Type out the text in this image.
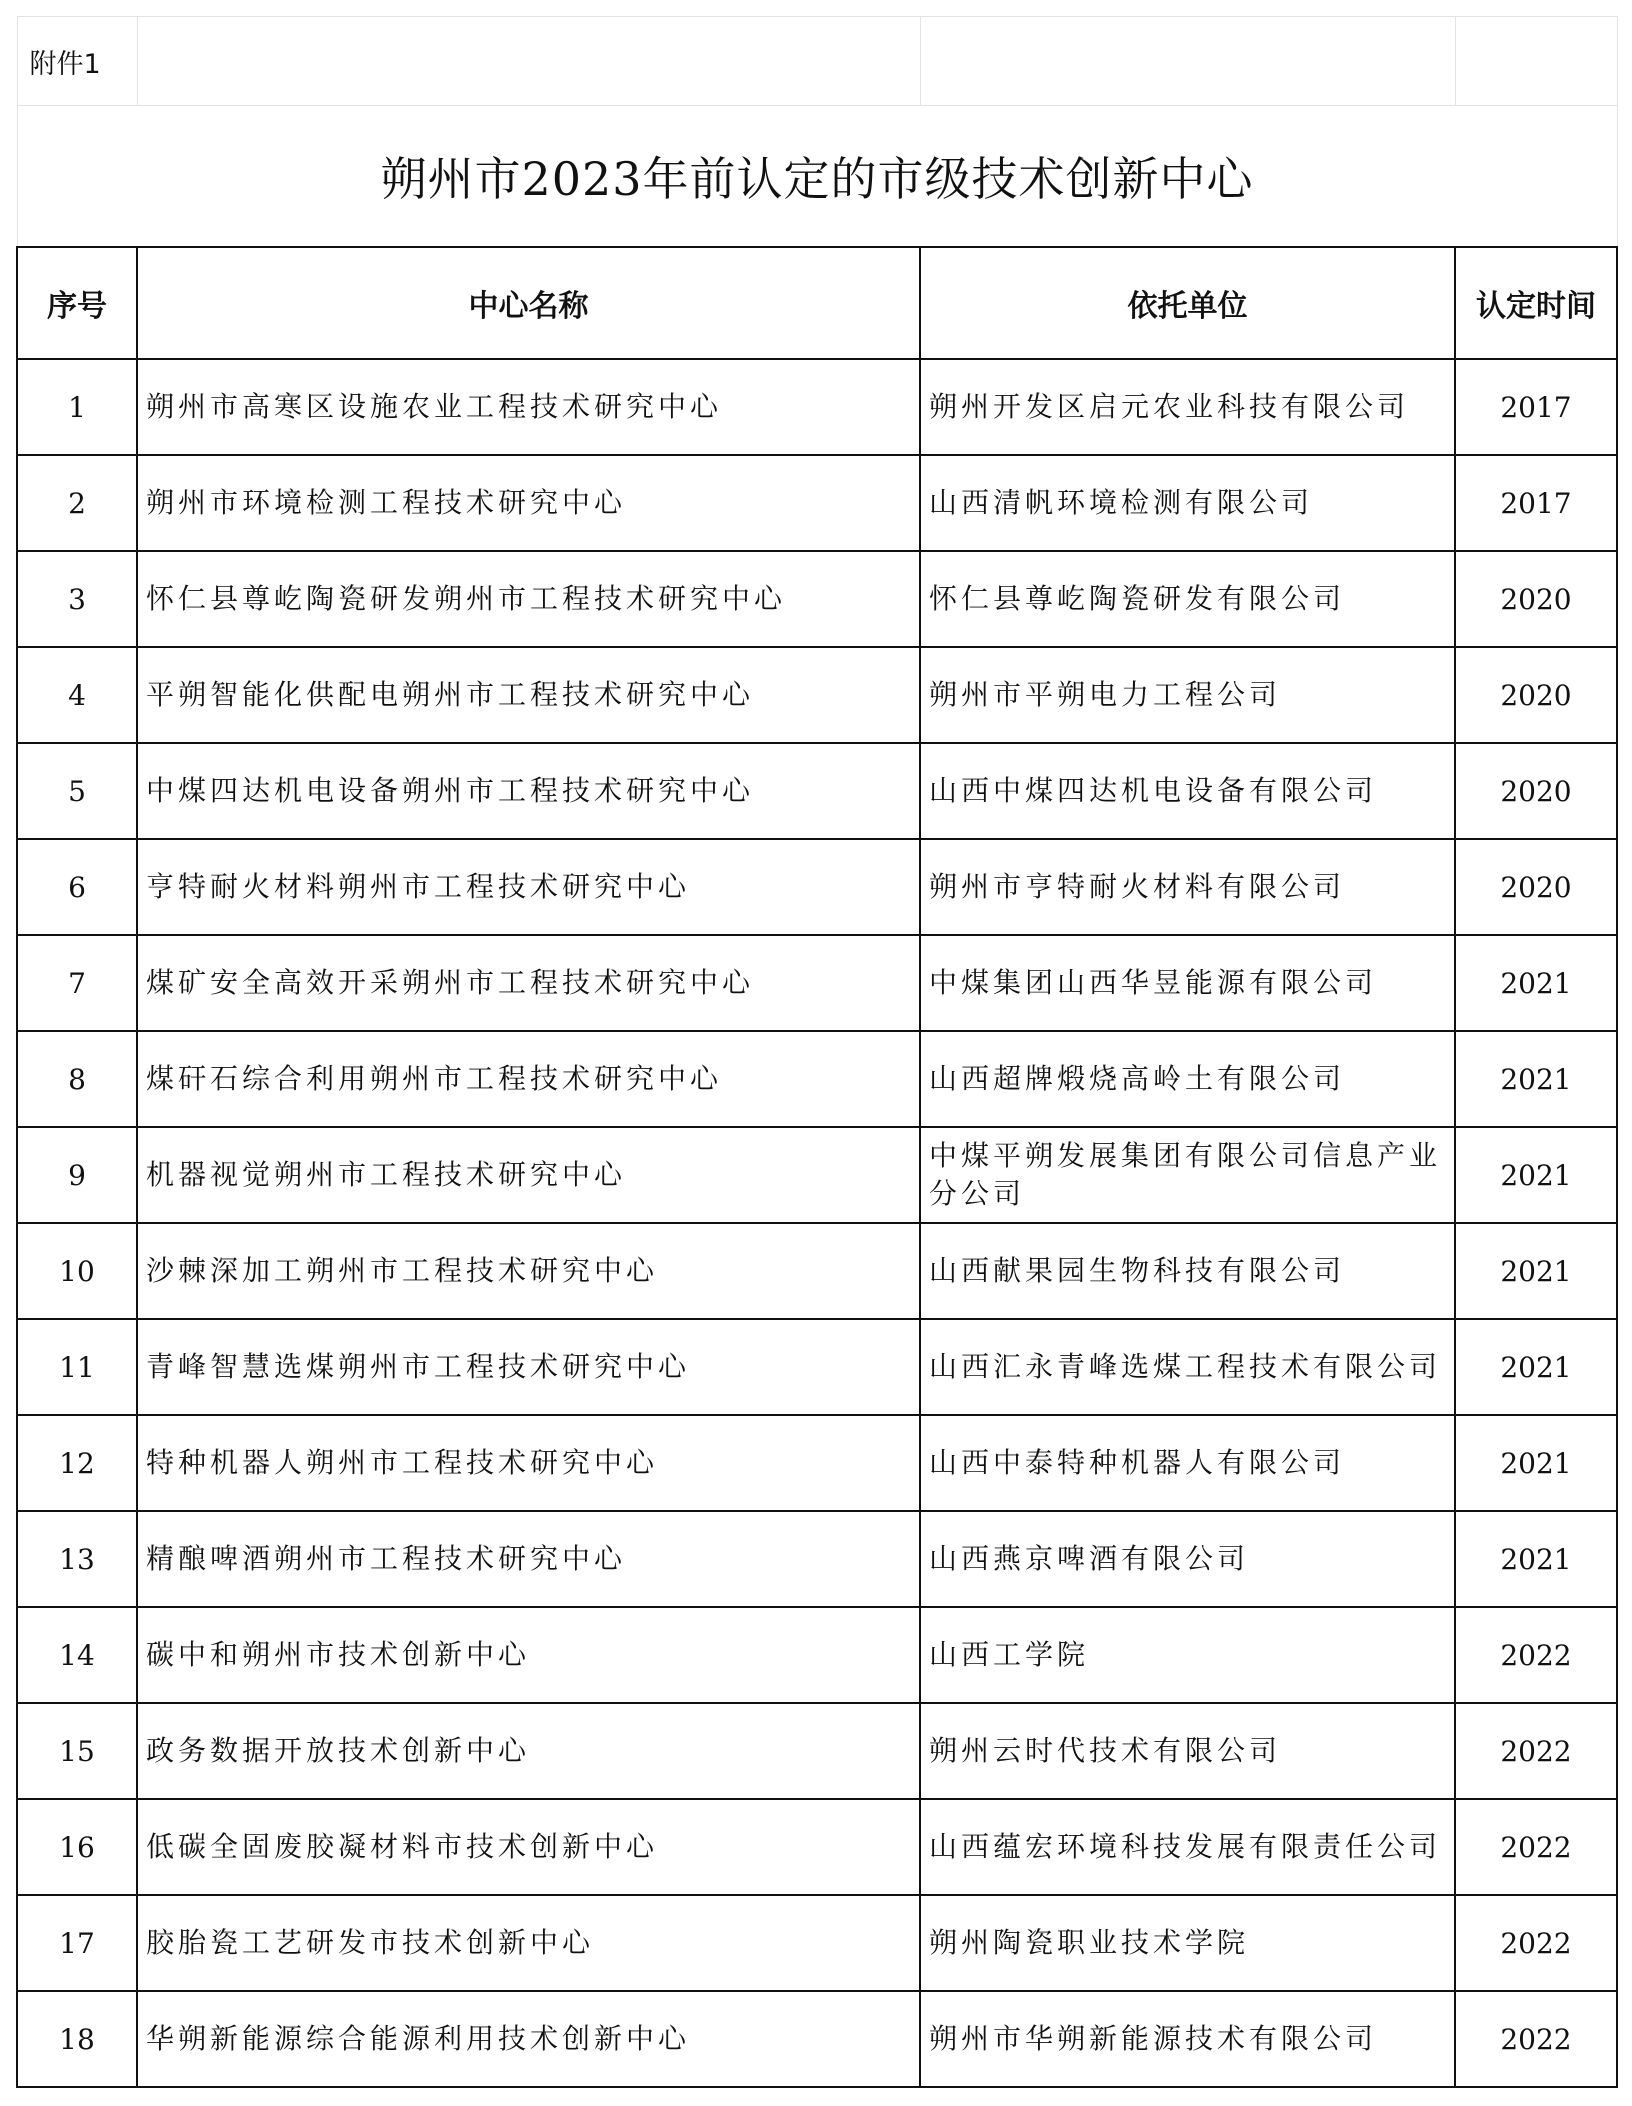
附件1			
朔州市2023年前认定的市级技术创新中心			
序号	中心名称	依托单位	认定时间
1	朔州市高寒区设施农业工程技术研究中心	朔州开发区启元农业科技有限公司	2017
2	朔州市环境检测工程技术研究中心	山西清帆环境检测有限公司	2017
3	怀仁县尊屹陶瓷研发朔州市工程技术研究中心	怀仁县尊屹陶瓷研发有限公司	2020
4	平朔智能化供配电朔州市工程技术研究中心	朔州市平朔电力工程公司	2020
5	中煤四达机电设备朔州市工程技术研究中心	山西中煤四达机电设备有限公司	2020
6	亨特耐火材料朔州市工程技术研究中心	朔州市亨特耐火材料有限公司	2020
7	煤矿安全高效开采朔州市工程技术研究中心	中煤集团山西华昱能源有限公司	2021
8	煤矸石综合利用朔州市工程技术研究中心	山西超牌煅烧高岭土有限公司	2021
9	机器视觉朔州市工程技术研究中心	中煤平朔发展集团有限公司信息产业分公司	2021
10	沙棘深加工朔州市工程技术研究中心	山西献果园生物科技有限公司	2021
11	青峰智慧选煤朔州市工程技术研究中心	山西汇永青峰选煤工程技术有限公司	2021
12	特种机器人朔州市工程技术研究中心	山西中泰特种机器人有限公司	2021
13	精酿啤酒朔州市工程技术研究中心	山西燕京啤酒有限公司	2021
14	碳中和朔州市技术创新中心	山西工学院	2022
15	政务数据开放技术创新中心	朔州云时代技术有限公司	2022
16	低碳全固废胶凝材料市技术创新中心	山西蕴宏环境科技发展有限责任公司	2022
17	胶胎瓷工艺研发市技术创新中心	朔州陶瓷职业技术学院	2022
18	华朔新能源综合能源利用技术创新中心	朔州市华朔新能源技术有限公司	2022
